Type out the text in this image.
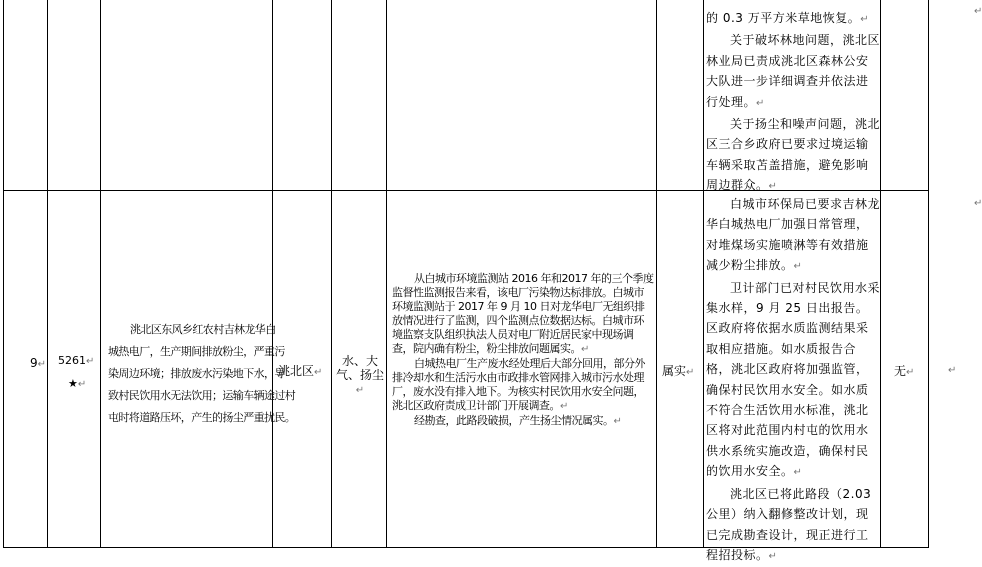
的 0.3 万平方米草地恢复。↵
关于破坏林地问题，洮北区林业局已责成洮北区森林公安大队进一步详细调查并依法进行处理。↵
关于扬尘和噪声问题，洮北区三合乡政府已要求过境运输车辆采取苫盖措施，避免影响周边群众。↵
↵
9↵ 5261↵
★↵
洮北区东风乡红农村吉林龙华白
城热电厂，生产期间排放粉尘，严重污
染周边环境；排放废水污染地下水，导
致村民饮用水无法饮用；运输车辆途过村
屯时将道路压坏，产生的扬尘严重扰民。
洮北区↵
水、大气、扬尘↵
从白城市环境监测站 2016 年和2017 年的三个季度监督性监测报告来看，该电厂污染物达标排放。白城市环境监测站于 2017 年 9 月 10 日对龙华电厂无组织排放情况进行了监测，四个监测点位数据达标。白城市环境监察支队组织执法人员对电厂附近居民家中现场调查，院内确有粉尘，粉尘排放问题属实。↵
白城热电厂生产废水经处理后大部分回用，部分外排冷却水和生活污水由市政排水管网排入城市污水处理厂，废水没有排入地下。为核实村民饮用水安全问题，洮北区政府责成卫计部门开展调查。↵
经勘查，此路段破损，产生扬尘情况属实。↵
属实↵
白城市环保局已要求吉林龙华白城热电厂加强日常管理，对堆煤场实施喷淋等有效措施减少粉尘排放。↵
卫计部门已对村民饮用水采集水样，9 月 25 日出报告。区政府将依据水质监测结果采取相应措施。如水质报告合格，洮北区政府将加强监管，确保村民饮用水安全。如水质不符合生活饮用水标准，洮北区将对此范围内村屯的饮用水供水系统实施改造，确保村民的饮用水安全。↵
洮北区已将此路段（2.03公里）纳入翻修整改计划，现已完成勘查设计，现正进行工程招投标。↵
无↵	↵
↵
